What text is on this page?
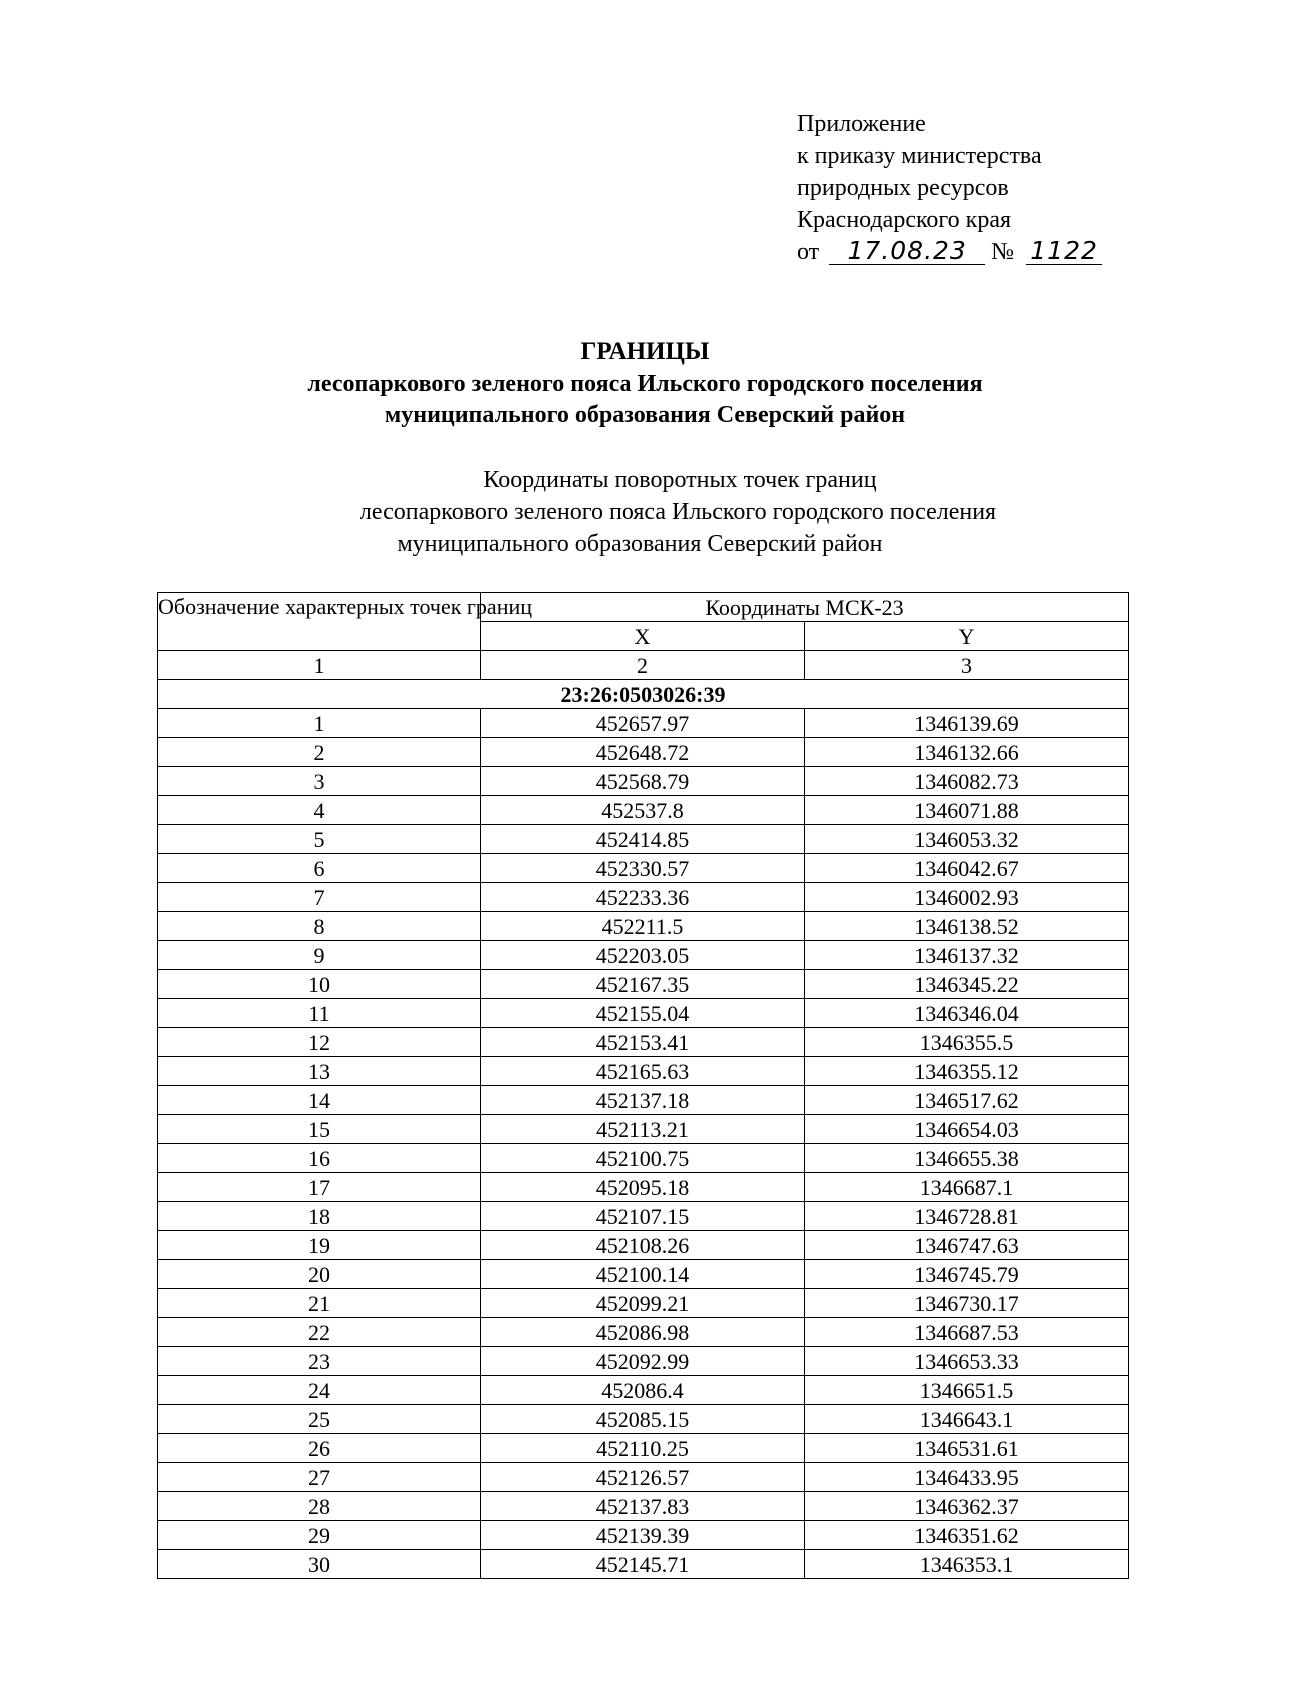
Приложение
к приказу министерства
природных ресурсов
Краснодарского края
от 17.08.23 № 1122
ГРАНИЦЫ
лесопаркового зеленого пояса Ильского городского поселения
муниципального образования Северский район
Координаты поворотных точек границ
лесопаркового зеленого пояса Ильского городского поселения
муниципального образования Северский район
Обозначение характерных точек границ	Координаты МСК-23	
	X	Y
1	2	3
23:26:0503026:39		
1	452657.97	1346139.69
2	452648.72	1346132.66
3	452568.79	1346082.73
4	452537.8	1346071.88
5	452414.85	1346053.32
6	452330.57	1346042.67
7	452233.36	1346002.93
8	452211.5	1346138.52
9	452203.05	1346137.32
10	452167.35	1346345.22
11	452155.04	1346346.04
12	452153.41	1346355.5
13	452165.63	1346355.12
14	452137.18	1346517.62
15	452113.21	1346654.03
16	452100.75	1346655.38
17	452095.18	1346687.1
18	452107.15	1346728.81
19	452108.26	1346747.63
20	452100.14	1346745.79
21	452099.21	1346730.17
22	452086.98	1346687.53
23	452092.99	1346653.33
24	452086.4	1346651.5
25	452085.15	1346643.1
26	452110.25	1346531.61
27	452126.57	1346433.95
28	452137.83	1346362.37
29	452139.39	1346351.62
30	452145.71	1346353.1
